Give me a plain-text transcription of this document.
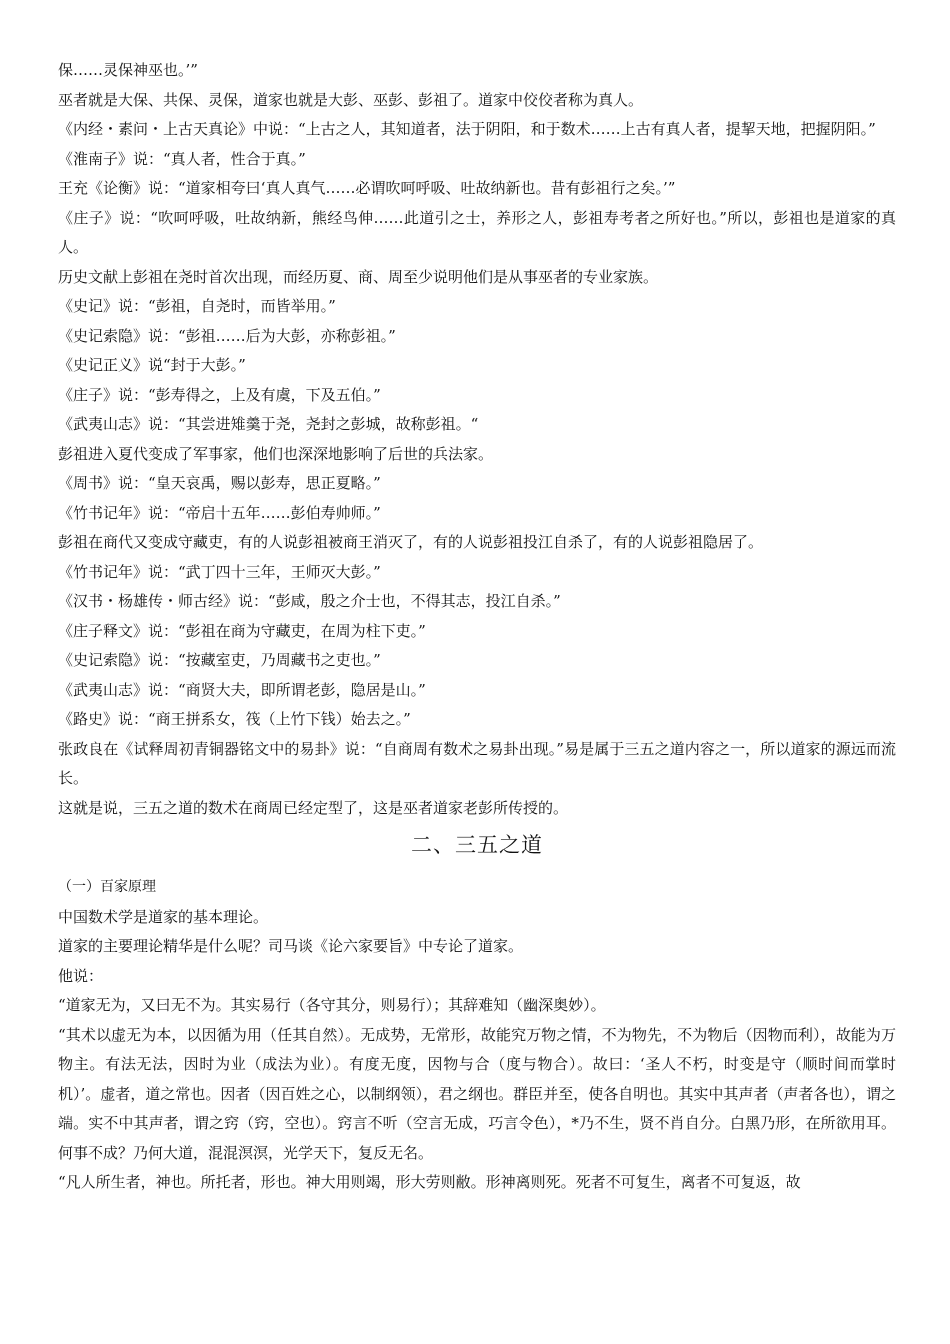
保……灵保神巫也。’”

巫者就是大保、共保、灵保，道家也就是大彭、巫彭、彭祖了。道家中佼佼者称为真人。

《内经・素问・上古天真论》中说：“上古之人，其知道者，法于阴阳，和于数术……上古有真人者，提挈天地，把握阴阳。”

《淮南子》说：“真人者，性合于真。”

王充《论衡》说：“道家相夸曰‘真人真气……必谓吹呵呼吸、吐故纳新也。昔有彭祖行之矣。’”

《庄子》说：“吹呵呼吸，吐故纳新，熊经鸟伸……此道引之士，养形之人，彭祖寿考者之所好也。”所以，彭祖也是道家的真人。

历史文献上彭祖在尧时首次出现，而经历夏、商、周至少说明他们是从事巫者的专业家族。

《史记》说：“彭祖，自尧时，而皆举用。”

《史记索隐》说：“彭祖……后为大彭，亦称彭祖。”

《史记正义》说“封于大彭。”

《庄子》说：“彭寿得之，上及有虞，下及五伯。”

《武夷山志》说：“其尝进雉羹于尧，尧封之彭城，故称彭祖。“

彭祖进入夏代变成了军事家，他们也深深地影响了后世的兵法家。

《周书》说：“皇天哀禹，赐以彭寿，思正夏略。”

《竹书记年》说：“帝启十五年……彭伯寿帅师。”

彭祖在商代又变成守藏吏，有的人说彭祖被商王消灭了，有的人说彭祖投江自杀了，有的人说彭祖隐居了。

《竹书记年》说：“武丁四十三年，王师灭大彭。”

《汉书・杨雄传・师古经》说：“彭咸，殷之介士也，不得其志，投江自杀。”

《庄子释文》说：“彭祖在商为守藏吏，在周为柱下吏。”

《史记索隐》说：“按藏室吏，乃周藏书之吏也。”

《武夷山志》说：“商贤大夫，即所谓老彭，隐居是山。”

《路史》说：“商王拼系女，筏（上竹下钱）始去之。”

张政良在《试释周初青铜器铭文中的易卦》说：“自商周有数术之易卦出现。”易是属于三五之道内容之一，所以道家的源远而流长。

这就是说，三五之道的数术在商周已经定型了，这是巫者道家老彭所传授的。

二、三五之道

（一）百家原理

中国数术学是道家的基本理论。

道家的主要理论精华是什么呢？司马谈《论六家要旨》中专论了道家。

他说：

“道家无为，又曰无不为。其实易行（各守其分，则易行）；其辞难知（幽深奥妙）。

“其术以虚无为本，以因循为用（任其自然）。无成势，无常形，故能究万物之情，不为物先，不为物后（因物而利），故能为万物主。有法无法，因时为业（成法为业）。有度无度，因物与合（度与物合）。故曰：‘圣人不朽，时变是守（顺时间而掌时机）’。虚者，道之常也。因者（因百姓之心，以制纲领），君之纲也。群臣并至，使各自明也。其实中其声者（声者各也），谓之端。实不中其声者，谓之窍（窍，空也）。窍言不听（空言无成，巧言令色），*乃不生，贤不肖自分。白黑乃形，在所欲用耳。何事不成？乃何大道，混混溟溟，光学天下，复反无名。

“凡人所生者，神也。所托者，形也。神大用则竭，形大劳则敝。形神离则死。死者不可复生，离者不可复返，故
